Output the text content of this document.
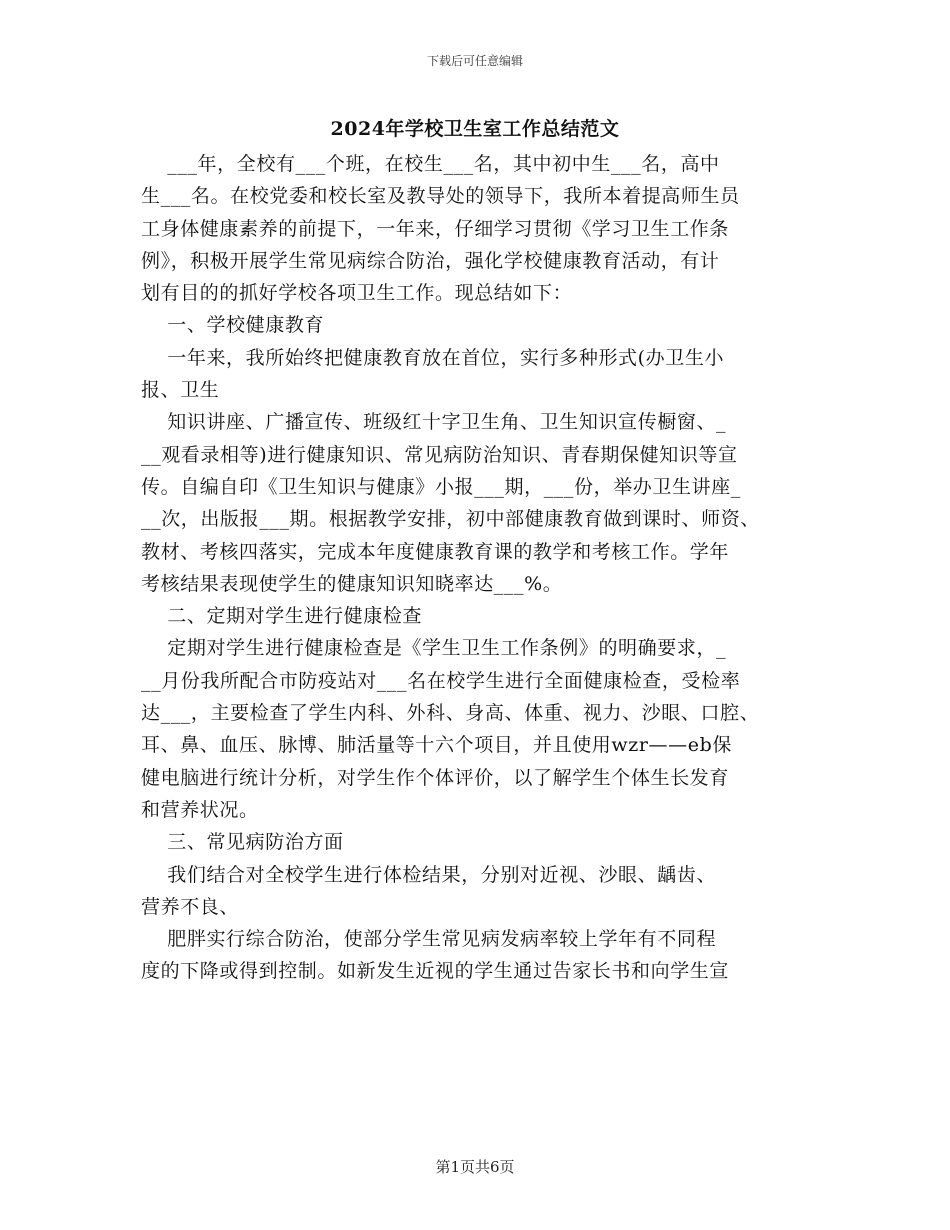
下载后可任意编辑
2024年学校卫生室工作总结范文
　 ___年，全校有___个班，在校生___名，其中初中生___名，高中
生___名。在校党委和校长室及教导处的领导下，我所本着提高师生员
工身体健康素养的前提下，一年来，仔细学习贯彻《学习卫生工作条
例》，积极开展学生常见病综合防治，强化学校健康教育活动，有计
划有目的的抓好学校各项卫生工作。现总结如下：
　 一、学校健康教育
　 一年来，我所始终把健康教育放在首位，实行多种形式(办卫生小
报、卫生
　 知识讲座、广播宣传、班级红十字卫生角、卫生知识宣传橱窗、_
__观看录相等)进行健康知识、常见病防治知识、青春期保健知识等宣
传。自编自印《卫生知识与健康》小报___期，___份，举办卫生讲座_
__次，出版报___期。根据教学安排，初中部健康教育做到课时、师资、
教材、考核四落实，完成本年度健康教育课的教学和考核工作。学年
考核结果表现使学生的健康知识知晓率达___%。
　 二、定期对学生进行健康检查
　 定期对学生进行健康检查是《学生卫生工作条例》的明确要求，_
__月份我所配合市防疫站对___名在校学生进行全面健康检查，受检率
达___，主要检查了学生内科、外科、身高、体重、视力、沙眼、口腔、
耳、鼻、血压、脉博、肺活量等十六个项目，并且使用wzr——eb保
健电脑进行统计分析，对学生作个体评价，以了解学生个体生长发育
和营养状况。
　 三、常见病防治方面
　 我们结合对全校学生进行体检结果，分别对近视、沙眼、龋齿、
营养不良、
　 肥胖实行综合防治，使部分学生常见病发病率较上学年有不同程
度的下降或得到控制。如新发生近视的学生通过告家长书和向学生宣
第1页共6页
